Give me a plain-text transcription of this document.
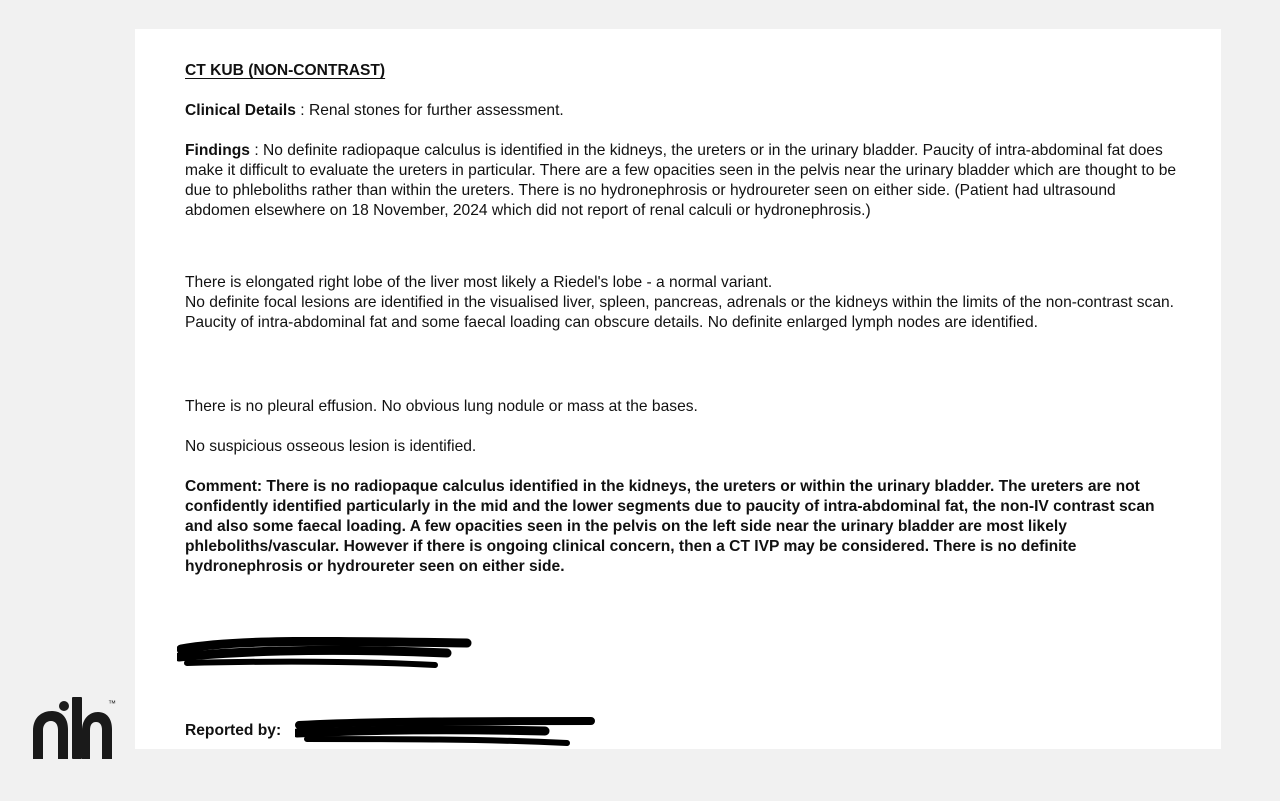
CT KUB (NON-CONTRAST)

Clinical Details : Renal stones for further assessment.

Findings : No definite radiopaque calculus is identified in the kidneys, the ureters or in the urinary bladder. Paucity of intra-abdominal fat does make it difficult to evaluate the ureters in particular. There are a few opacities seen in the pelvis near the urinary bladder which are thought to be due to phleboliths rather than within the ureters. There is no hydronephrosis or hydroureter seen on either side. (Patient had ultrasound abdomen elsewhere on 18 November, 2024 which did not report of renal calculi or hydronephrosis.)

There is elongated right lobe of the liver most likely a Riedel's lobe - a normal variant.

No definite focal lesions are identified in the visualised liver, spleen, pancreas, adrenals or the kidneys within the limits of the non-contrast scan. Paucity of intra-abdominal fat and some faecal loading can obscure details. No definite enlarged lymph nodes are identified.

There is no pleural effusion. No obvious lung nodule or mass at the bases.

No suspicious osseous lesion is identified.

Comment: There is no radiopaque calculus identified in the kidneys, the ureters or within the urinary bladder. The ureters are not confidently identified particularly in the mid and the lower segments due to paucity of intra-abdominal fat, the non-IV contrast scan and also some faecal loading. A few opacities seen in the pelvis on the left side near the urinary bladder are most likely phleboliths/vascular. However if there is ongoing clinical concern, then a CT IVP may be considered. There is no definite hydronephrosis or hydroureter seen on either side.

Reported by:
™
